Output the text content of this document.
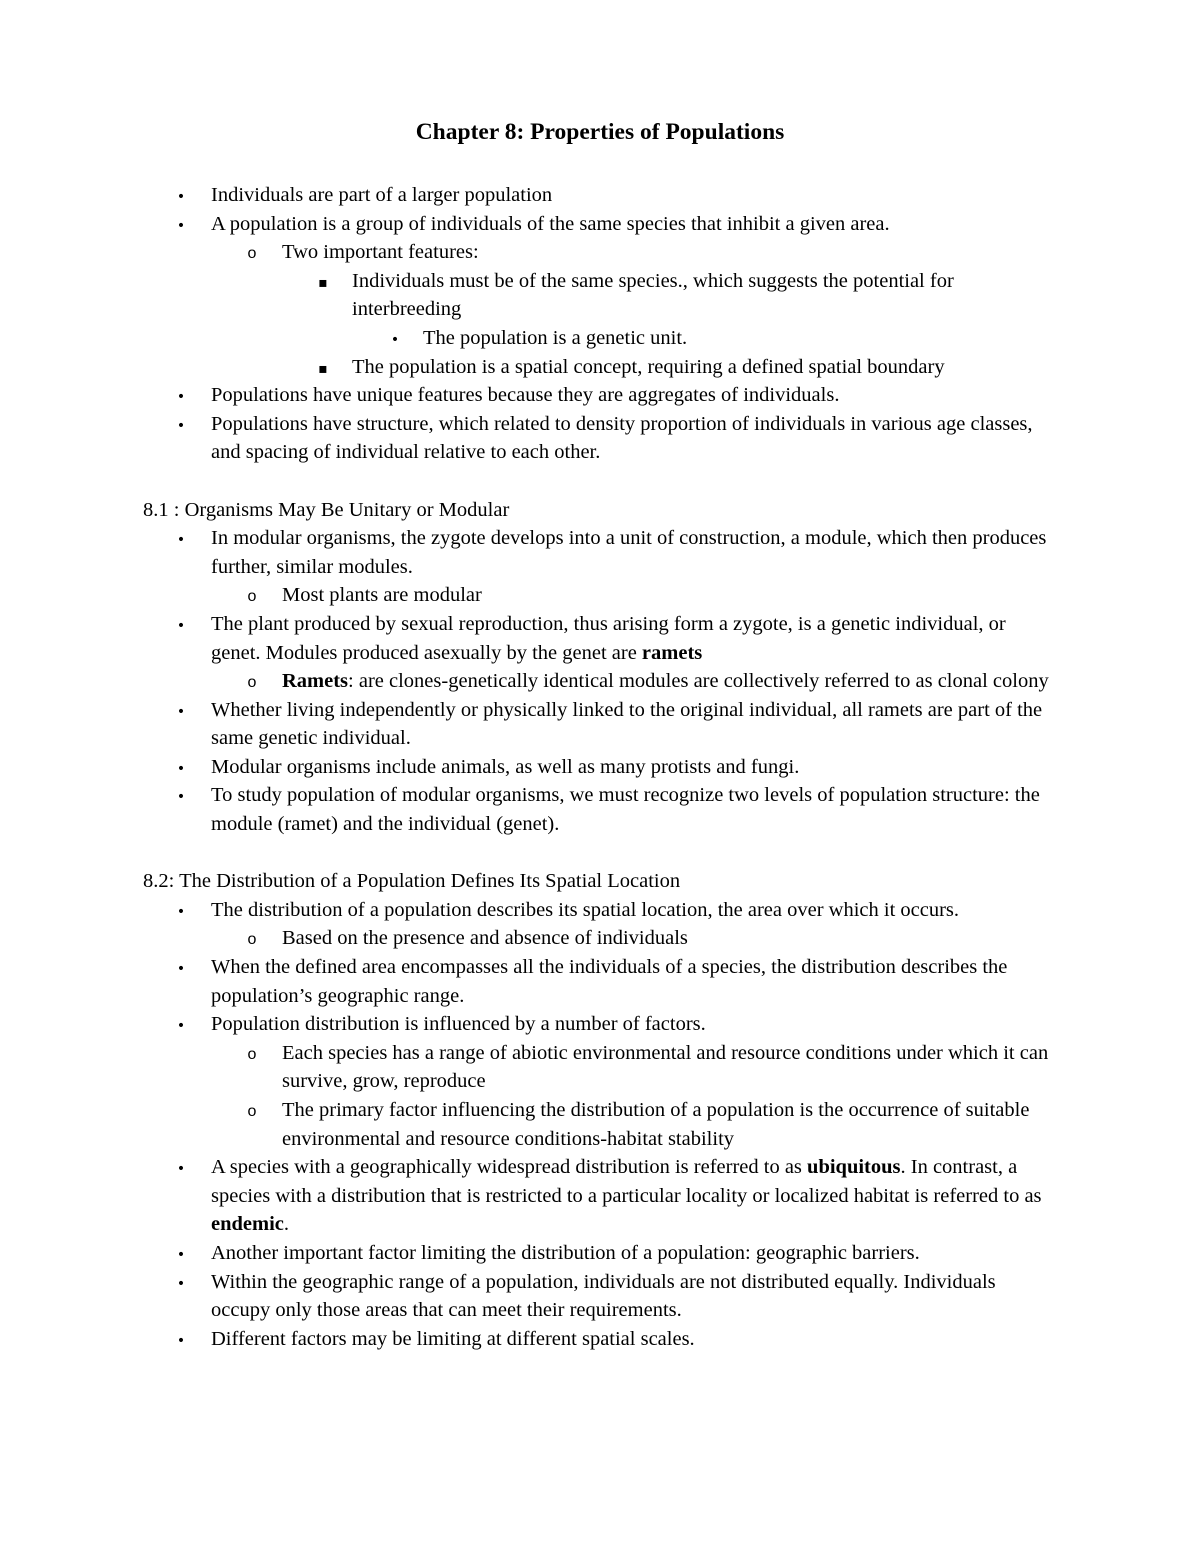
Chapter 8: Properties of Populations
•
Individuals are part of a larger population
•
A population is a group of individuals of the same species that inhibit a given area.
o
Two important features:
▪
Individuals must be of the same species., which suggests the potential for interbreeding
•
The population is a genetic unit.
▪
The population is a spatial concept, requiring a defined spatial boundary
•
Populations have unique features because they are aggregates of individuals.
•
Populations have structure, which related to density proportion of individuals in various age classes, and spacing of individual relative to each other.
8.1 : Organisms May Be Unitary or Modular
•
In modular organisms, the zygote develops into a unit of construction, a module, which then produces further, similar modules.
o
Most plants are modular
•
The plant produced by sexual reproduction, thus arising form a zygote, is a genetic individual, or genet. Modules produced asexually by the genet are ramets
o
Ramets: are clones-genetically identical modules are collectively referred to as clonal colony
•
Whether living independently or physically linked to the original individual, all ramets are part of the same genetic individual.
•
Modular organisms include animals, as well as many protists and fungi.
•
To study population of modular organisms, we must recognize two levels of population structure: the module (ramet) and the individual (genet).
8.2: The Distribution of a Population Defines Its Spatial Location
•
The distribution of a population describes its spatial location, the area over which it occurs.
o
Based on the presence and absence of individuals
•
When the defined area encompasses all the individuals of a species, the distribution describes the population’s geographic range.
•
Population distribution is influenced by a number of factors.
o
Each species has a range of abiotic environmental and resource conditions under which it can survive, grow, reproduce
o
The primary factor influencing the distribution of a population is the occurrence of suitable environmental and resource conditions-habitat stability
•
A species with a geographically widespread distribution is referred to as ubiquitous. In contrast, a species with a distribution that is restricted to a particular locality or localized habitat is referred to as endemic.
•
Another important factor limiting the distribution of a population: geographic barriers.
•
Within the geographic range of a population, individuals are not distributed equally. Individuals occupy only those areas that can meet their requirements.
•
Different factors may be limiting at different spatial scales.
